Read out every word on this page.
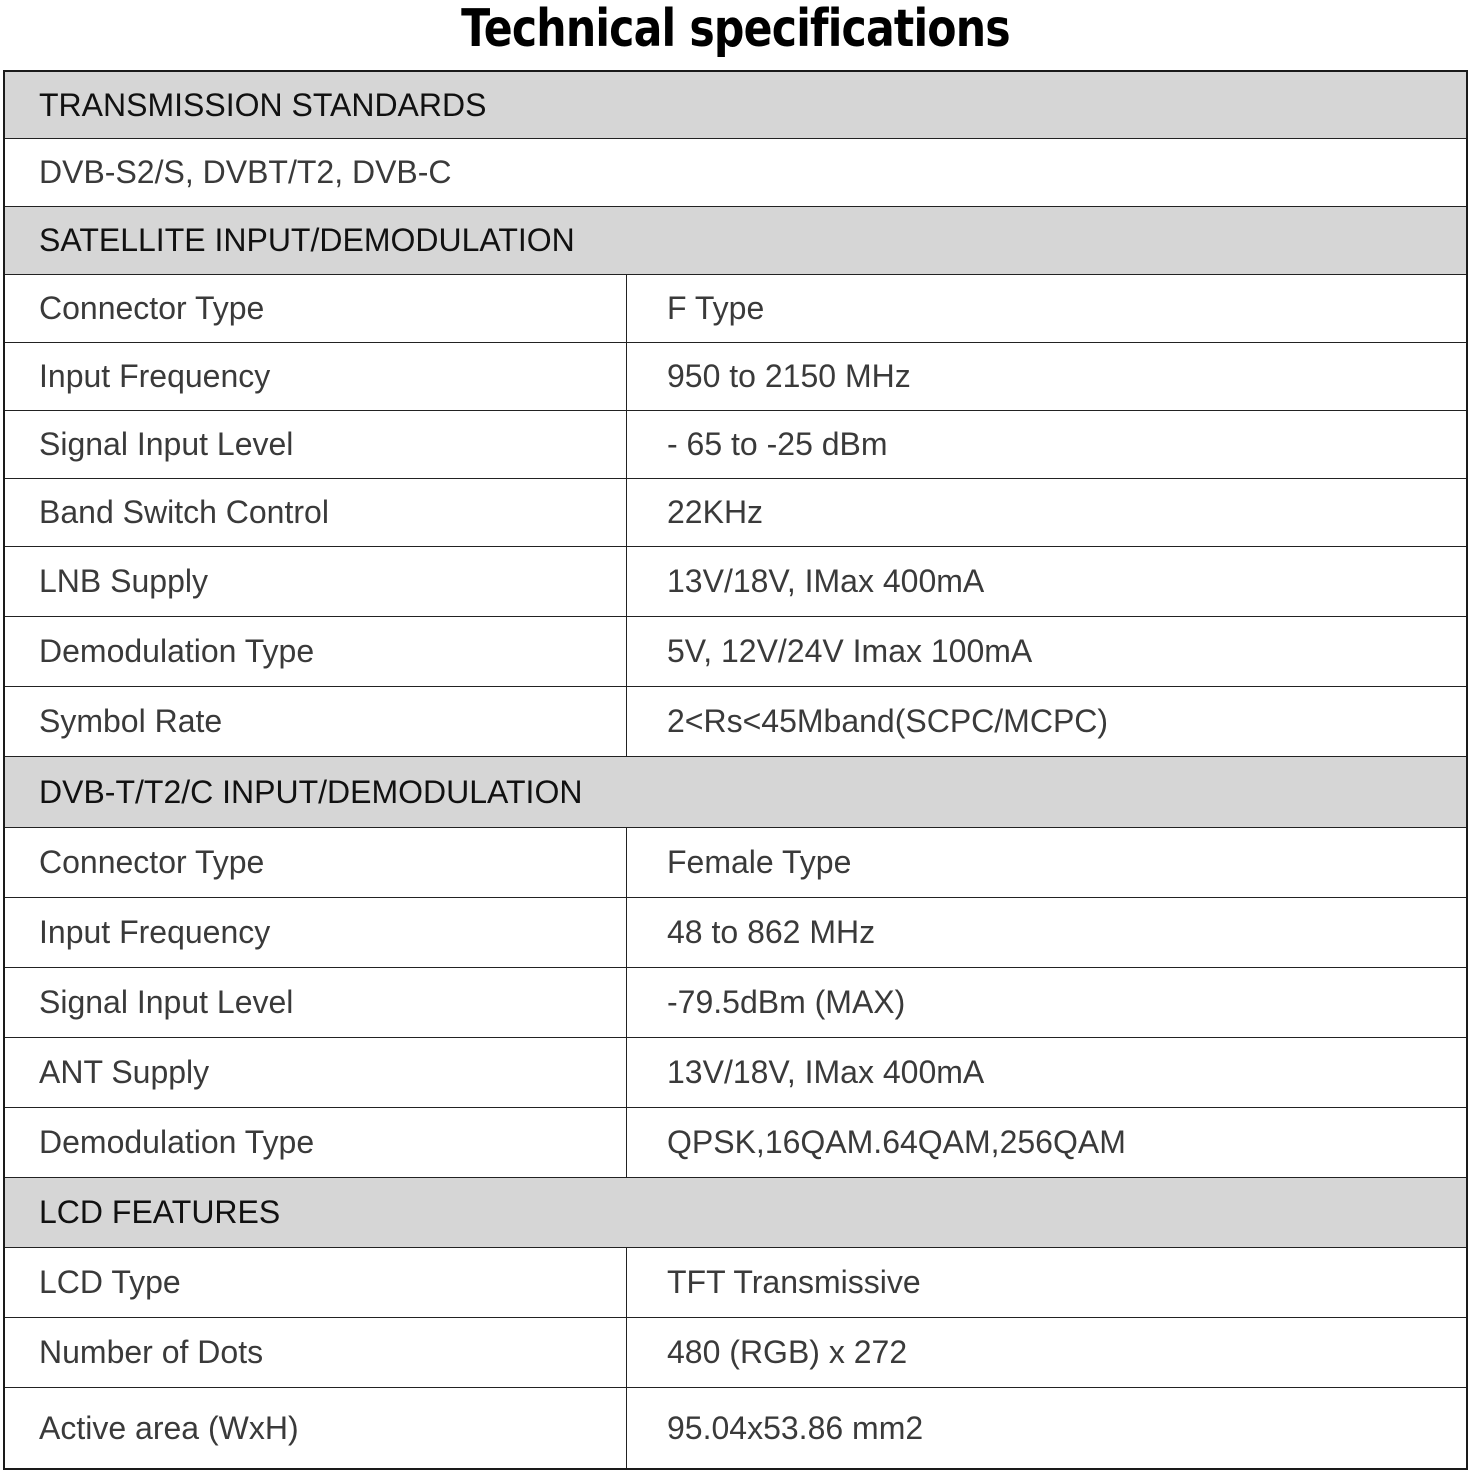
Technical specifications
TRANSMISSION STANDARDS
DVB-S2/S, DVBT/T2, DVB-C
SATELLITE INPUT/DEMODULATION
Connector Type	F Type
Input Frequency	950 to 2150 MHz
Signal Input Level	- 65 to -25 dBm
Band Switch Control	22KHz
LNB Supply	13V/18V, IMax 400mA
Demodulation Type	5V, 12V/24V Imax 100mA
Symbol Rate	2<Rs<45Mband(SCPC/MCPC)
DVB-T/T2/C INPUT/DEMODULATION
Connector Type	Female Type
Input Frequency	48 to 862 MHz
Signal Input Level	-79.5dBm (MAX)
ANT Supply	13V/18V, IMax 400mA
Demodulation Type	QPSK,16QAM.64QAM,256QAM
LCD FEATURES
LCD Type	TFT Transmissive
Number of Dots	480 (RGB) x 272
Active area (WxH)	95.04x53.86 mm2
